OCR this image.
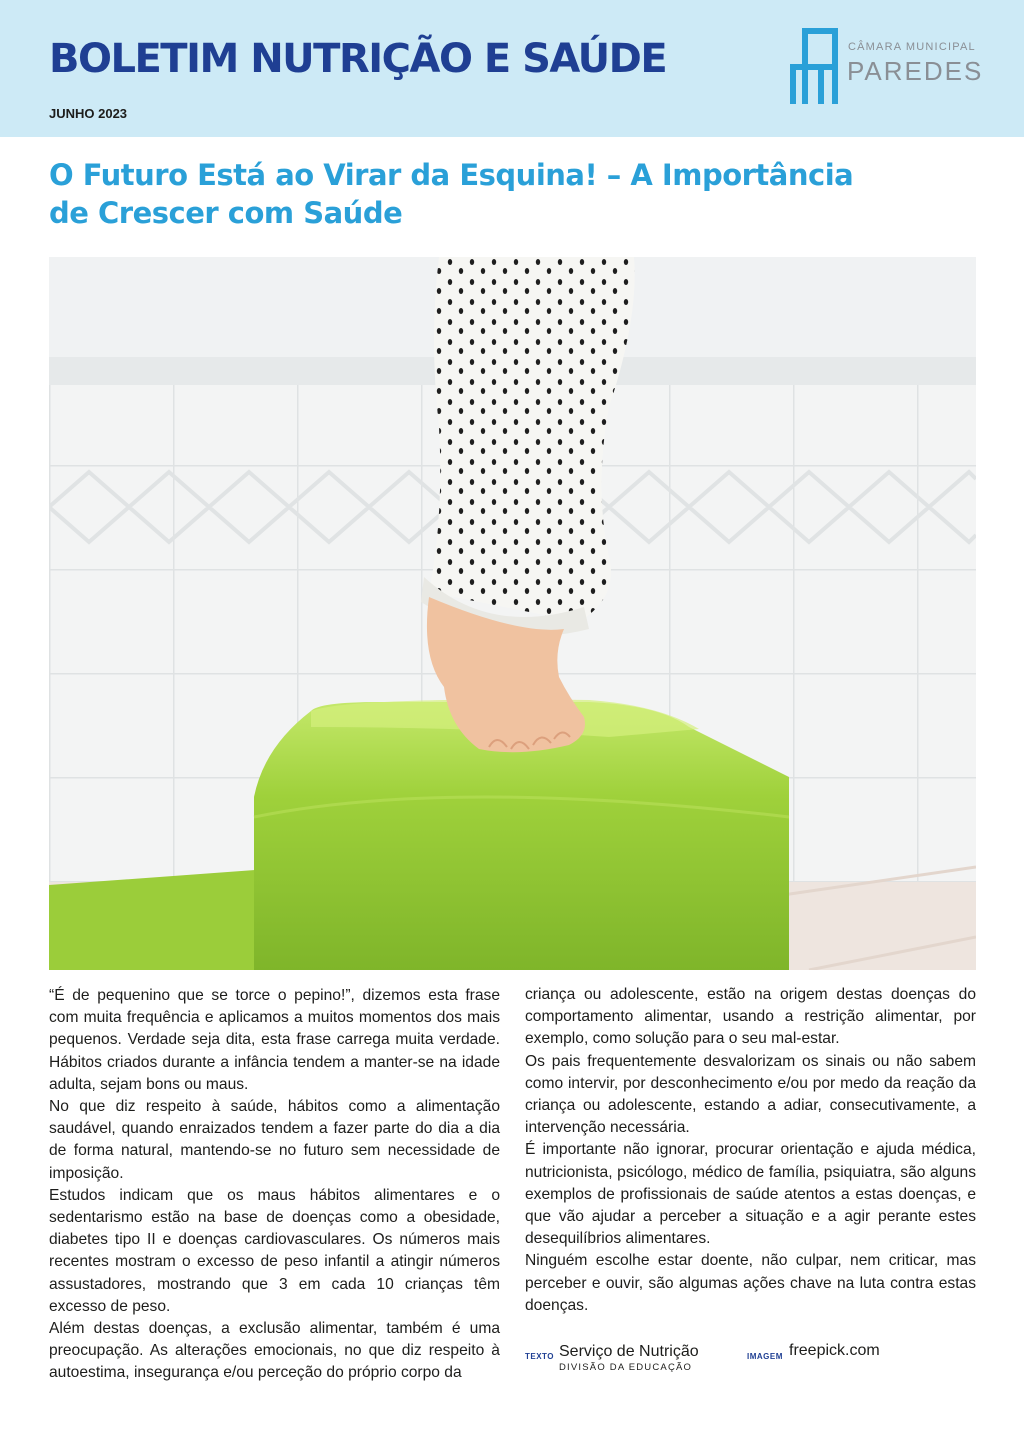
BOLETIM NUTRIÇÃO E SAÚDE
JUNHO 2023
CÂMARA MUNICIPAL
PAREDES
O Futuro Está ao Virar da Esquina! – A Importância
de Crescer com Saúde

“É de pequenino que se torce o pepino!”, dizemos esta frase com muita frequência e aplicamos a muitos momentos dos mais pequenos. Verdade seja dita, esta frase carrega muita verdade. Hábitos criados durante a infância tendem a manter-se na idade adulta, sejam bons ou maus.

No que diz respeito à saúde, hábitos como a alimentação saudável, quando enraizados tendem a fazer parte do dia a dia de forma natural, mantendo-se no futuro sem necessidade de imposição.

Estudos indicam que os maus hábitos alimentares e o sedentarismo estão na base de doenças como a obesidade, diabetes tipo II e doenças cardiovasculares. Os números mais recentes mostram o excesso de peso infantil a atingir números assustadores, mostrando que 3 em cada 10 crianças têm excesso de peso.

Além destas doenças, a exclusão alimentar, também é uma preocupação. As alterações emocionais, no que diz respeito à autoestima, insegurança e/ou perceção do próprio corpo da

criança ou adolescente, estão na origem destas doenças do comportamento alimentar, usando a restrição alimentar, por exemplo, como solução para o seu mal-estar.

Os pais frequentemente desvalorizam os sinais ou não sabem como intervir, por desconhecimento e/ou por medo da reação da criança ou adolescente, estando a adiar, consecutivamente, a intervenção necessária.

É importante não ignorar, procurar orientação e ajuda médica, nutricionista, psicólogo, médico de família, psiquiatra, são alguns exemplos de profissionais de saúde atentos a estas doenças, e que vão ajudar a perceber a situação e a agir perante estes desequilíbrios alimentares.

Ninguém escolhe estar doente, não culpar, nem criticar, mas perceber e ouvir, são algumas ações chave na luta contra estas doenças.

TEXTO Serviço de Nutrição
DIVISÃO DA EDUCAÇÃO
IMAGEM freepick.com
